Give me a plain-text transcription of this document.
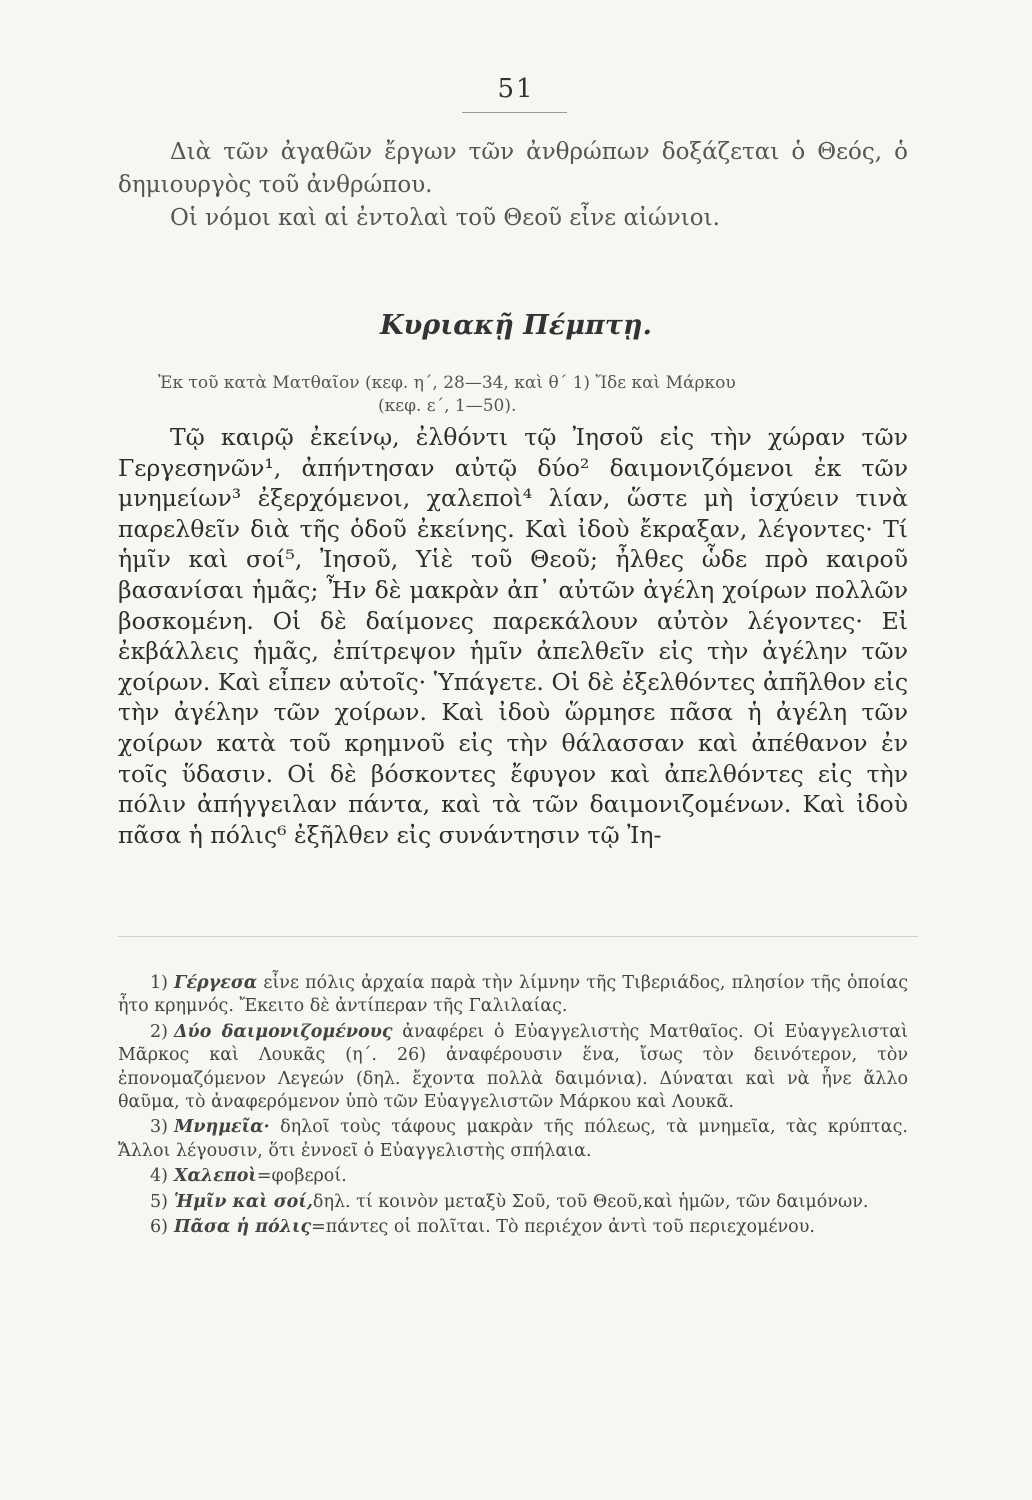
51

Διὰ τῶν ἀγαθῶν ἔργων τῶν ἀνθρώπων δοξάζεται ὁ Θεός, ὁ δημιουργὸς τοῦ ἀνθρώπου.

Οἱ νόμοι καὶ αἱ ἐντολαὶ τοῦ Θεοῦ εἶνε αἰώνιοι.

Κυριακῇ Πέμπτῃ.
Ἐκ τοῦ κατὰ Ματθαῖον (κεφ. η΄, 28—34, καὶ θ΄ 1) Ἴδε καὶ Μάρκου
(κεφ. ε΄, 1—50).

Τῷ καιρῷ ἐκείνῳ, ἐλθόντι τῷ Ἰησοῦ εἰς τὴν χώραν τῶν Γεργεσηνῶν¹, ἀπήντησαν αὐτῷ δύο² δαιμονιζόμενοι ἐκ τῶν μνημείων³ ἐξερχόμενοι, χαλεποὶ⁴ λίαν, ὥστε μὴ ἰσχύειν τινὰ παρελθεῖν διὰ τῆς ὁδοῦ ἐκείνης. Καὶ ἰδοὺ ἔκραξαν, λέγοντες· Τί ἡμῖν καὶ σοί⁵, Ἰησοῦ, Υἱὲ τοῦ Θεοῦ; ἦλθες ὧδε πρὸ καιροῦ βασανίσαι ἡμᾶς; Ἦν δὲ μακρὰν ἀπ᾽ αὐτῶν ἀγέλη χοίρων πολλῶν βοσκομένη. Οἱ δὲ δαίμονες παρεκάλουν αὐτὸν λέγοντες· Εἰ ἐκβάλλεις ἡμᾶς, ἐπίτρεψον ἡμῖν ἀπελθεῖν εἰς τὴν ἀγέλην τῶν χοίρων. Καὶ εἶπεν αὐτοῖς· Ὑπάγετε. Οἱ δὲ ἐξελθόντες ἀπῆλθον εἰς τὴν ἀγέλην τῶν χοίρων. Καὶ ἰδοὺ ὥρμησε πᾶσα ἡ ἀγέλη τῶν χοίρων κατὰ τοῦ κρημνοῦ εἰς τὴν θάλασσαν καὶ ἀπέθανον ἐν τοῖς ὕδασιν. Οἱ δὲ βόσκοντες ἔφυγον καὶ ἀπελθόντες εἰς τὴν πόλιν ἀπήγγειλαν πάντα, καὶ τὰ τῶν δαιμονιζομένων. Καὶ ἰδοὺ πᾶσα ἡ πόλις⁶ ἐξῆλθεν εἰς συνάντησιν τῷ Ἰη-

1) Γέργεσα εἶνε πόλις ἀρχαία παρὰ τὴν λίμνην τῆς Τιβεριάδος, πλησίον τῆς ὁποίας ἦτο κρημνός. Ἔκειτο δὲ ἀντίπεραν τῆς Γαλιλαίας.

2) Δύο δαιμονιζομένους ἀναφέρει ὁ Εὐαγγελιστὴς Ματθαῖος. Οἱ Εὐαγγελισταὶ Μᾶρκος καὶ Λουκᾶς (η΄. 26) ἀναφέρουσιν ἕνα, ἴσως τὸν δεινότερον, τὸν ἐπονομαζόμενον Λεγεών (δηλ. ἔχοντα πολλὰ δαιμόνια). Δύναται καὶ νὰ ἦνε ἄλλο θαῦμα, τὸ ἀναφερόμενον ὑπὸ τῶν Εὐαγγελιστῶν Μάρκου καὶ Λουκᾶ.

3) Μνημεῖα· δηλοῖ τοὺς τάφους μακρὰν τῆς πόλεως, τὰ μνημεῖα, τὰς κρύπτας. Ἄλλοι λέγουσιν, ὅτι ἐννοεῖ ὁ Εὐαγγελιστὴς σπήλαια.

4) Χαλεποὶ=φοβεροί.

5) Ἡμῖν καὶ σοί,δηλ. τί κοινὸν μεταξὺ Σοῦ, τοῦ Θεοῦ,καὶ ἡμῶν, τῶν δαιμόνων.

6) Πᾶσα ἡ πόλις=πάντες οἱ πολῖται. Τὸ περιέχον ἀντὶ τοῦ περιεχομένου.
